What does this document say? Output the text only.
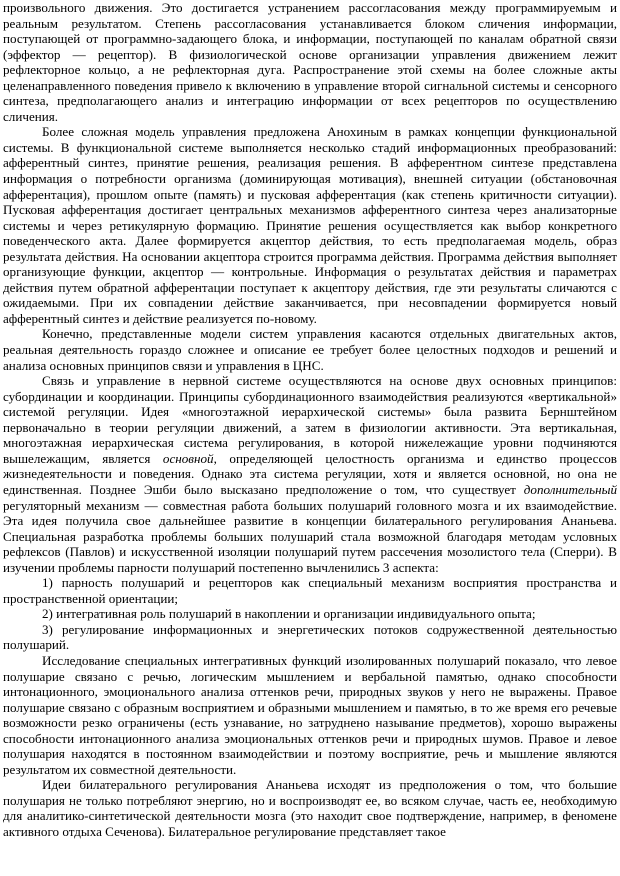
произвольного движения. Это достигается устранением рассогласования между программируемым и реальным результатом. Степень рассогласования устанавливается блоком сличения информации, поступающей от программно-задающего блока, и информации, поступающей по каналам обратной связи (эффектор — рецептор). В физиологической основе организации управления движением лежит рефлекторное кольцо, а не рефлекторная дуга. Распространение этой схемы на более сложные акты целенаправленного поведения привело к включению в управление второй сигнальной системы и сенсорного синтеза, предполагающего анализ и интеграцию информации от всех рецепторов по осуществлению сличения.

Более сложная модель управления предложена Анохиным в рамках концепции функциональной системы. В функциональной системе выполняется несколько стадий информационных преобразований: афферентный синтез, принятие решения, реализация решения. В афферентном синтезе представлена информация о потребности организма (доминирующая мотивация), внешней ситуации (обстановочная афферентация), прошлом опыте (память) и пусковая афферентация (как степень критичности ситуации). Пусковая афферентация достигает центральных механизмов афферентного синтеза через анализаторные системы и через ретикулярную формацию. Принятие решения осуществляется как выбор конкретного поведенческого акта. Далее формируется акцептор действия, то есть предполагаемая модель, образ результата действия. На основании акцептора строится программа действия. Программа действия выполняет организующие функции, акцептор — контрольные. Информация о результатах действия и параметрах действия путем обратной афферентации поступает к акцептору действия, где эти результаты сличаются с ожидаемыми. При их совпадении действие заканчивается, при несовпадении формируется новый афферентный синтез и действие реализуется по-новому.

Конечно, представленные модели систем управления касаются отдельных двигательных актов, реальная деятельность гораздо сложнее и описание ее требует более целостных подходов и решений и анализа основных принципов связи и управления в ЦНС.

Связь и управление в нервной системе осуществляются на основе двух основных принципов: субординации и координации. Принципы субординационного взаимодействия реализуются «вертикальной» системой регуляции. Идея «многоэтажной иерархической системы» была развита Бернштейном первоначально в теории регуляции движений, а затем в физиологии активности. Эта вертикальная, многоэтажная иерархическая система регулирования, в которой нижележащие уровни подчиняются вышележащим, является основной, определяющей целостность организма и единство процессов жизнедеятельности и поведения. Однако эта система регуляции, хотя и является основной, но она не единственная. Позднее Эшби было высказано предположение о том, что существует дополнительный регуляторный механизм — совместная работа больших полушарий головного мозга и их взаимодействие. Эта идея получила свое дальнейшее развитие в концепции билатерального регулирования Ананьева. Специальная разработка проблемы больших полушарий стала возможной благодаря методам условных рефлексов (Павлов) и искусственной изоляции полушарий путем рассечения мозолистого тела (Сперри). В изучении проблемы парности полушарий постепенно вычленились 3 аспекта:

1) парность полушарий и рецепторов как специальный механизм восприятия пространства и пространственной ориентации;

2) интегративная роль полушарий в накоплении и организации индивидуального опыта;

3) регулирование информационных и энергетических потоков содружественной деятельностью полушарий.

Исследование специальных интегративных функций изолированных полушарий показало, что левое полушарие связано с речью, логическим мышлением и вербальной памятью, однако способности интонационного, эмоционального анализа оттенков речи, природных звуков у него не выражены. Правое полушарие связано с образным восприятием и образными мышлением и памятью, в то же время его речевые возможности резко ограничены (есть узнавание, но затруднено называние предметов), хорошо выражены способности интонационного анализа эмоциональных оттенков речи и природных шумов. Правое и левое полушария находятся в постоянном взаимодействии и поэтому восприятие, речь и мышление являются результатом их совместной деятельности.

Идеи билатерального регулирования Ананьева исходят из предположения о том, что большие полушария не только потребляют энергию, но и воспроизводят ее, во всяком случае, часть ее, необходимую для аналитико-синтетической деятельности мозга (это находит свое подтверждение, например, в феномене активного отдыха Сеченова). Билатеральное регулирование представляет такое
